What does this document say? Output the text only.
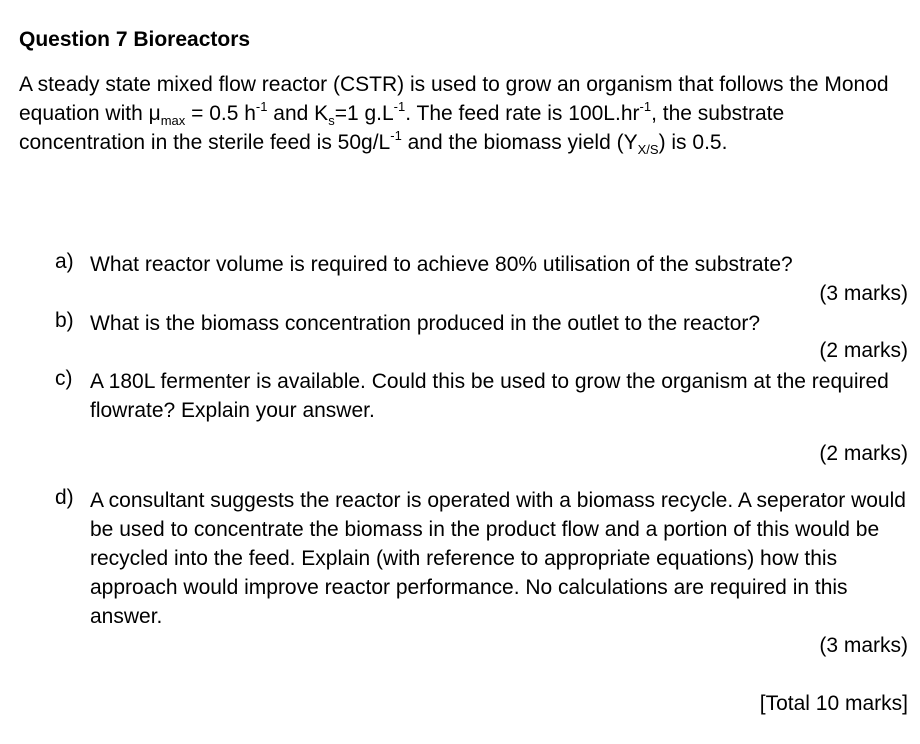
Question 7 Bioreactors
A steady state mixed flow reactor (CSTR) is used to grow an organism that follows the Monod equation with $\mu_{max} = 0.5$ $h^{-1}$ and $K_s=1$ $g.L^{-1}$. The feed rate is $100L.hr^{-1}$, the substrate concentration in the sterile feed is $50g/L^{-1}$ and the biomass yield $(Y_{X/S})$ is 0.5.
a) What reactor volume is required to achieve 80% utilisation of the substrate?
(3 marks)
b) What is the biomass concentration produced in the outlet to the reactor?
(2 marks)
c) A 180L fermenter is available. Could this be used to grow the organism at the required flowrate? Explain your answer.
(2 marks)
d) A consultant suggests the reactor is operated with a biomass recycle. A seperator would be used to concentrate the biomass in the product flow and a portion of this would be recycled into the feed. Explain (with reference to appropriate equations) how this approach would improve reactor performance. No calculations are required in this answer.
(3 marks)
[Total 10 marks]
